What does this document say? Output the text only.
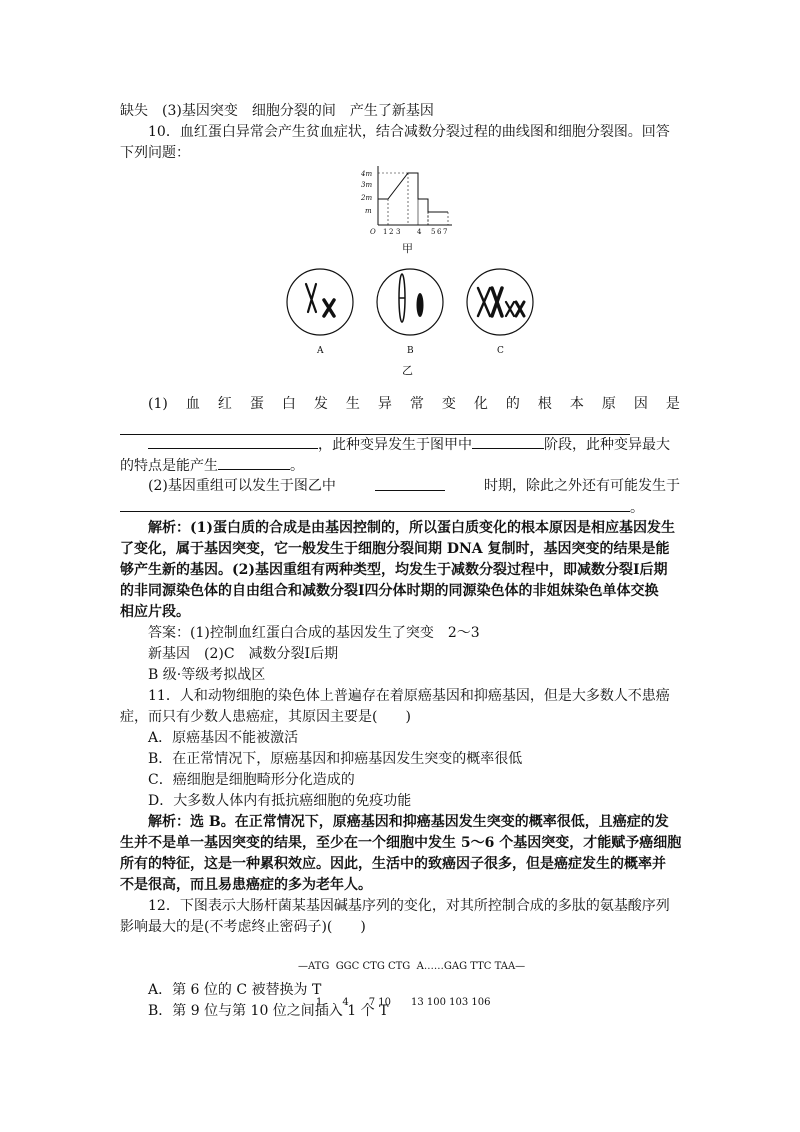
缺失　(3)基因突变　细胞分裂的间　产生了新基因
10．血红蛋白异常会产生贫血症状，结合减数分裂过程的曲线图和细胞分裂图。回答
下列问题：
4m
3m
2m
m
O 1 2 3 4 5 6 7
甲
A	B	C
乙
(1) 血 红 蛋 白 发 生 异 常 变 化 的 根 本 原 因 是
，此种变异发生于图甲中	阶段，此种变异最大
的特点是能产生	。
(2)基因重组可以发生于图乙中	时期，除此之外还有可能发生于
。
解析：(1)蛋白质的合成是由基因控制的，所以蛋白质变化的根本原因是相应基因发生
了变化，属于基因突变，它一般发生于细胞分裂间期 DNA 复制时，基因突变的结果是能
够产生新的基因。(2)基因重组有两种类型，均发生于减数分裂过程中，即减数分裂Ⅰ后期
的非同源染色体的自由组合和减数分裂Ⅰ四分体时期的同源染色体的非姐妹染色单体交换
相应片段。
答案：(1)控制血红蛋白合成的基因发生了突变　2～3
新基因　(2)C　减数分裂Ⅰ后期
B 级·等级考拟战区
11．人和动物细胞的染色体上普遍存在着原癌基因和抑癌基因，但是大多数人不患癌
症，而只有少数人患癌症，其原因主要是(　　)
A．原癌基因不能被激活
B．在正常情况下，原癌基因和抑癌基因发生突变的概率很低
C．癌细胞是细胞畸形分化造成的
D．大多数人体内有抵抗癌细胞的免疫功能
解析：选 B。在正常情况下，原癌基因和抑癌基因发生突变的概率很低，且癌症的发
生并不是单一基因突变的结果，至少在一个细胞中发生 5～6 个基因突变，才能赋予癌细胞
所有的特征，这是一种累积效应。因此，生活中的致癌因子很多，但是癌症发生的概率并
不是很高，而且易患癌症的多为老年人。
12．下图表示大肠杆菌某基因碱基序列的变化，对其所控制合成的多肽的氨基酸序列
影响最大的是(不考虑终止密码子)(　　)

—ATG  GGC CTG CTG  A……GAG TTC TAA—

1　　4　　7 10　　13 100 103 106

A．第 6 位的 C 被替换为 T
B．第 9 位与第 10 位之间插入 1 个 T
